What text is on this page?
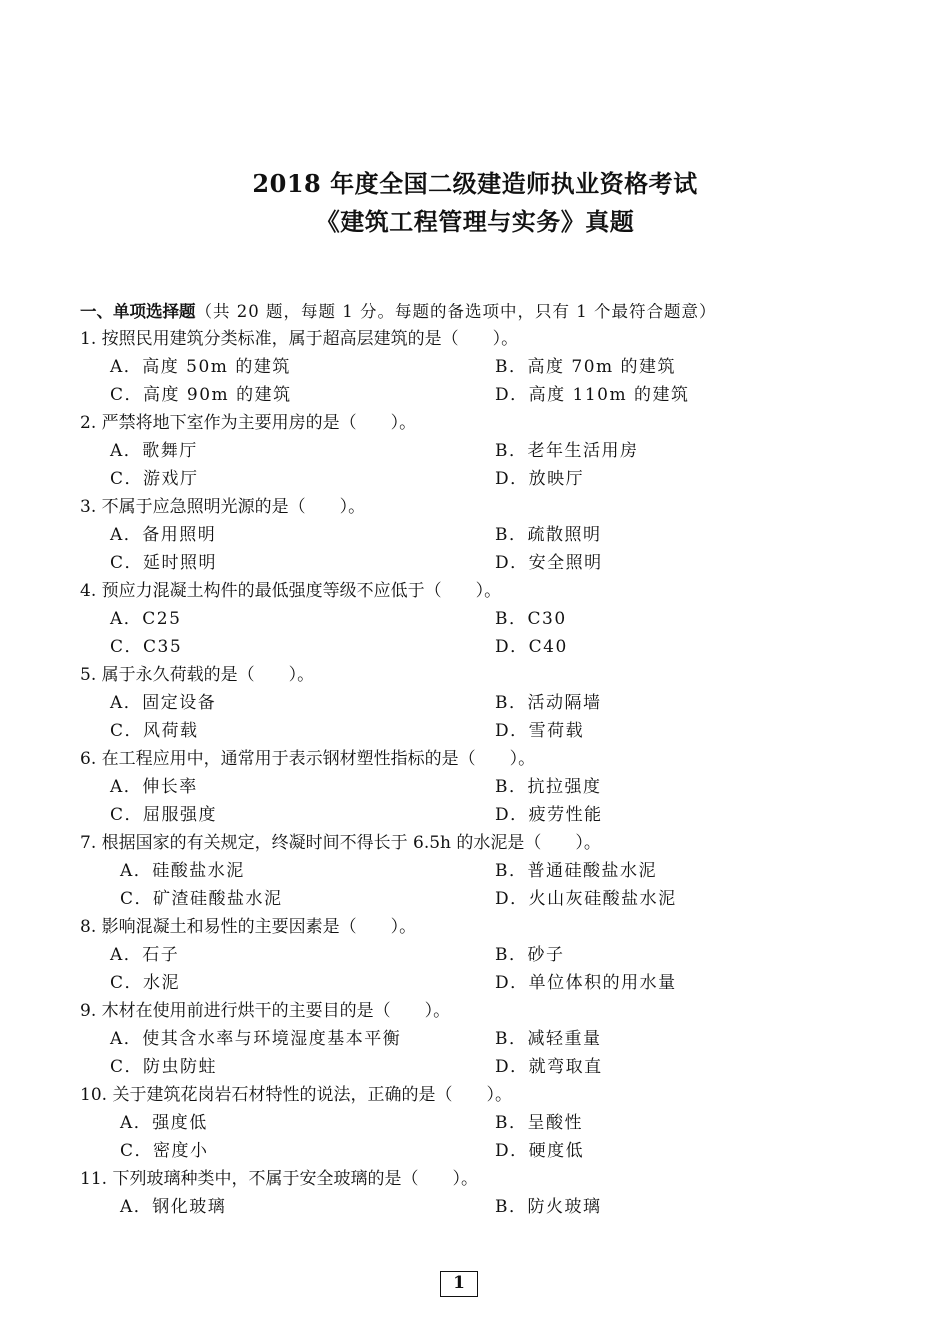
2018 年度全国二级建造师执业资格考试
《建筑工程管理与实务》真题
一、单项选择题（共 20 题，每题 1 分。每题的备选项中，只有 1 个最符合题意）
1. 按照民用建筑分类标准，属于超高层建筑的是（　　）。
A．高度 50m 的建筑	B．高度 70m 的建筑
C．高度 90m 的建筑	D．高度 110m 的建筑
2. 严禁将地下室作为主要用房的是（　　）。
A．歌舞厅	B．老年生活用房
C．游戏厅	D．放映厅
3. 不属于应急照明光源的是（　　）。
A．备用照明	B．疏散照明
C．延时照明	D．安全照明
4. 预应力混凝土构件的最低强度等级不应低于（　　）。
A．C25	B．C30
C．C35	D．C40
5. 属于永久荷载的是（　　）。
A．固定设备	B．活动隔墙
C．风荷载	D．雪荷载
6. 在工程应用中，通常用于表示钢材塑性指标的是（　　）。
A．伸长率	B．抗拉强度
C．屈服强度	D．疲劳性能
7. 根据国家的有关规定，终凝时间不得长于 6.5h 的水泥是（　　）。
A．硅酸盐水泥	B．普通硅酸盐水泥
C．矿渣硅酸盐水泥	D．火山灰硅酸盐水泥
8. 影响混凝土和易性的主要因素是（　　）。
A．石子	B．砂子
C．水泥	D．单位体积的用水量
9. 木材在使用前进行烘干的主要目的是（　　）。
A．使其含水率与环境湿度基本平衡	B．减轻重量
C．防虫防蛀	D．就弯取直
10. 关于建筑花岗岩石材特性的说法，正确的是（　　）。
A．强度低	B．呈酸性
C．密度小	D．硬度低
11. 下列玻璃种类中，不属于安全玻璃的是（　　）。
A．钢化玻璃	B．防火玻璃
1
